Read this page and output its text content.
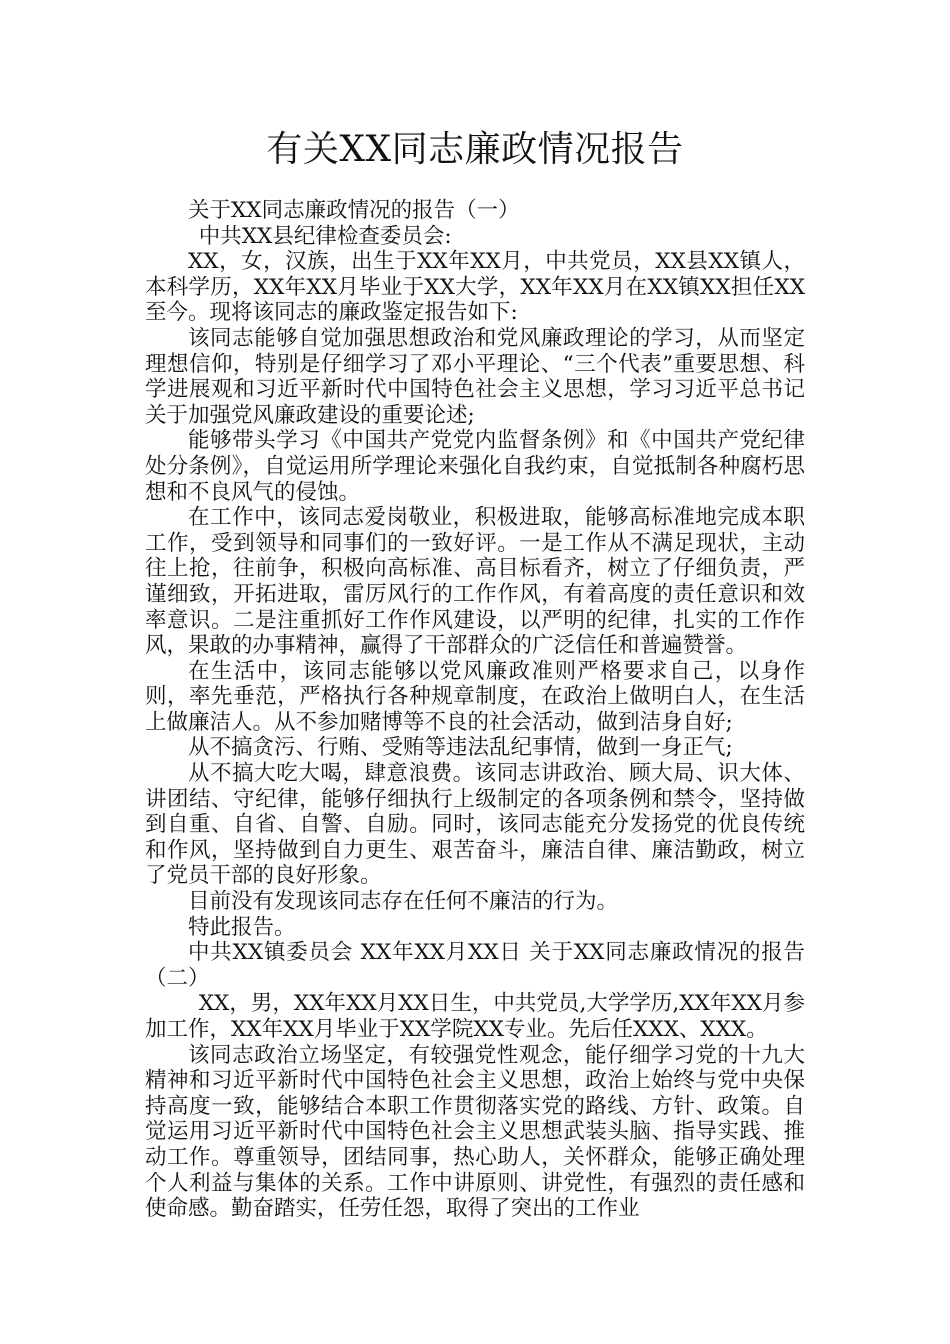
有关XX同志廉政情况报告

关于XX同志廉政情况的报告（一）

中共XX县纪律检查委员会:

XX，女，汉族，出生于XX年XX月，中共党员，XX县XX镇人，本科学历，XX年XX月毕业于XX大学，XX年XX月在XX镇XX担任XX至今。现将该同志的廉政鉴定报告如下:

该同志能够自觉加强思想政治和党风廉政理论的学习，从而坚定理想信仰，特别是仔细学习了邓小平理论、“三个代表”重要思想、科学进展观和习近平新时代中国特色社会主义思想，学习习近平总书记关于加强党风廉政建设的重要论述;

能够带头学习《中国共产党党内监督条例》和《中国共产党纪律处分条例》，自觉运用所学理论来强化自我约束，自觉抵制各种腐朽思想和不良风气的侵蚀。

在工作中，该同志爱岗敬业，积极进取，能够高标准地完成本职工作，受到领导和同事们的一致好评。一是工作从不满足现状，主动往上抢，往前争，积极向高标准、高目标看齐，树立了仔细负责，严谨细致，开拓进取，雷厉风行的工作作风，有着高度的责任意识和效率意识。二是注重抓好工作作风建设，以严明的纪律，扎实的工作作风，果敢的办事精神，赢得了干部群众的广泛信任和普遍赞誉。

在生活中，该同志能够以党风廉政准则严格要求自己，以身作则，率先垂范，严格执行各种规章制度，在政治上做明白人，在生活上做廉洁人。从不参加赌博等不良的社会活动，做到洁身自好;

从不搞贪污、行贿、受贿等违法乱纪事情，做到一身正气;

从不搞大吃大喝，肆意浪费。该同志讲政治、顾大局、识大体、讲团结、守纪律，能够仔细执行上级制定的各项条例和禁令，坚持做到自重、自省、自警、自励。同时，该同志能充分发扬党的优良传统和作风，坚持做到自力更生、艰苦奋斗，廉洁自律、廉洁勤政，树立了党员干部的良好形象。

目前没有发现该同志存在任何不廉洁的行为。

特此报告。

中共XX镇委员会 XX年XX月XX日 关于XX同志廉政情况的报告（二）

XX，男，XX年XX月XX日生，中共党员,大学学历,XX年XX月参加工作，XX年XX月毕业于XX学院XX专业。先后任XXX、XXX。

该同志政治立场坚定，有较强党性观念，能仔细学习党的十九大精神和习近平新时代中国特色社会主义思想，政治上始终与党中央保持高度一致，能够结合本职工作贯彻落实党的路线、方针、政策。自觉运用习近平新时代中国特色社会主义思想武装头脑、指导实践、推动工作。尊重领导，团结同事，热心助人，关怀群众，能够正确处理个人利益与集体的关系。工作中讲原则、讲党性，有强烈的责任感和使命感。勤奋踏实，任劳任怨，取得了突出的工作业
